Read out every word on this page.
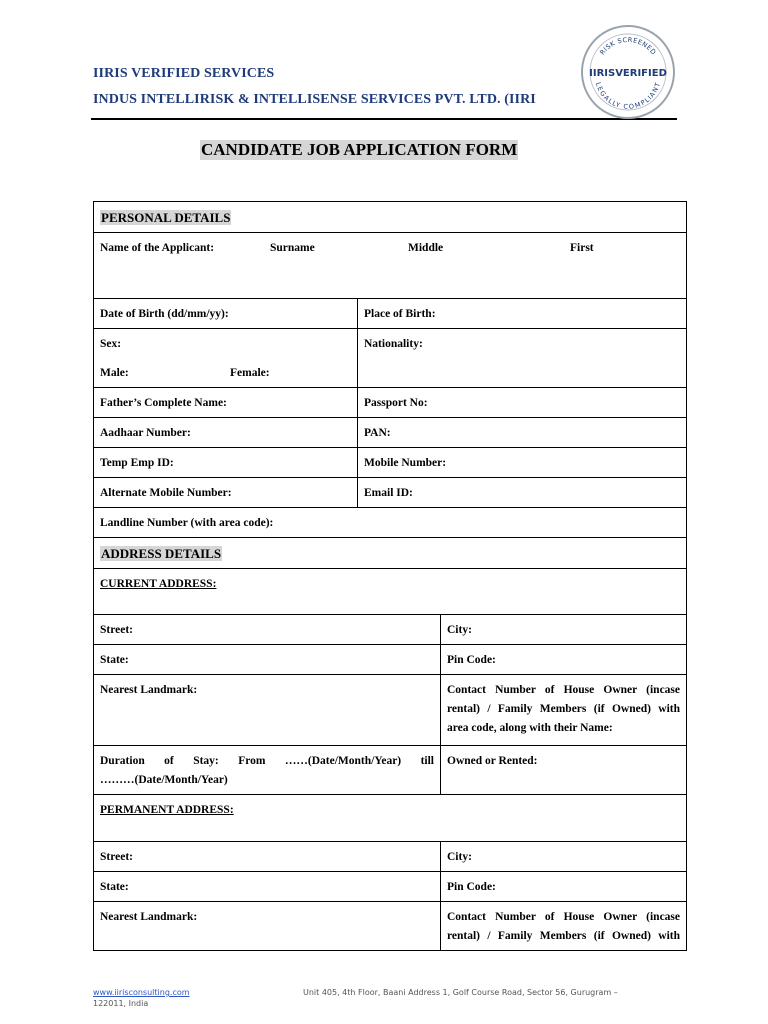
IIRIS VERIFIED SERVICES
INDUS INTELLIRISK & INTELLISENSE SERVICES PVT. LTD. (IIRI
RISK SCREENED
LEGALLY COMPLIANT
IIRISVERIFIED
CANDIDATE JOB APPLICATION FORM
PERSONAL DETAILS		
Name of the Applicant: Surname Middle First		
Date of Birth (dd/mm/yy):	Place of Birth:	

Sex:
Male: Female:	Nationality:	
Father’s Complete Name:	Passport No:	
Aadhaar Number:	PAN:	
Temp Emp ID:	Mobile Number:	
Alternate Mobile Number:	Email ID:	
Landline Number (with area code):		
ADDRESS DETAILS		
CURRENT ADDRESS:		
Street:		City:
State:		Pin Code:
Nearest Landmark:		Contact Number of House Owner (incase
rental) / Family Members (if Owned) with
area code, along with their Name:

Duration of Stay: From ……(Date/Month/Year) till
………(Date/Month/Year)		Owned or Rented:
PERMANENT ADDRESS:		
Street:		City:
State:		Pin Code:
Nearest Landmark:		Contact Number of House Owner (incase
rental) / Family Members (if Owned) with
www.iirisconsulting.com	Unit 405, 4th Floor, Baani Address 1, Golf Course Road, Sector 56, Gurugram –
122011, India
